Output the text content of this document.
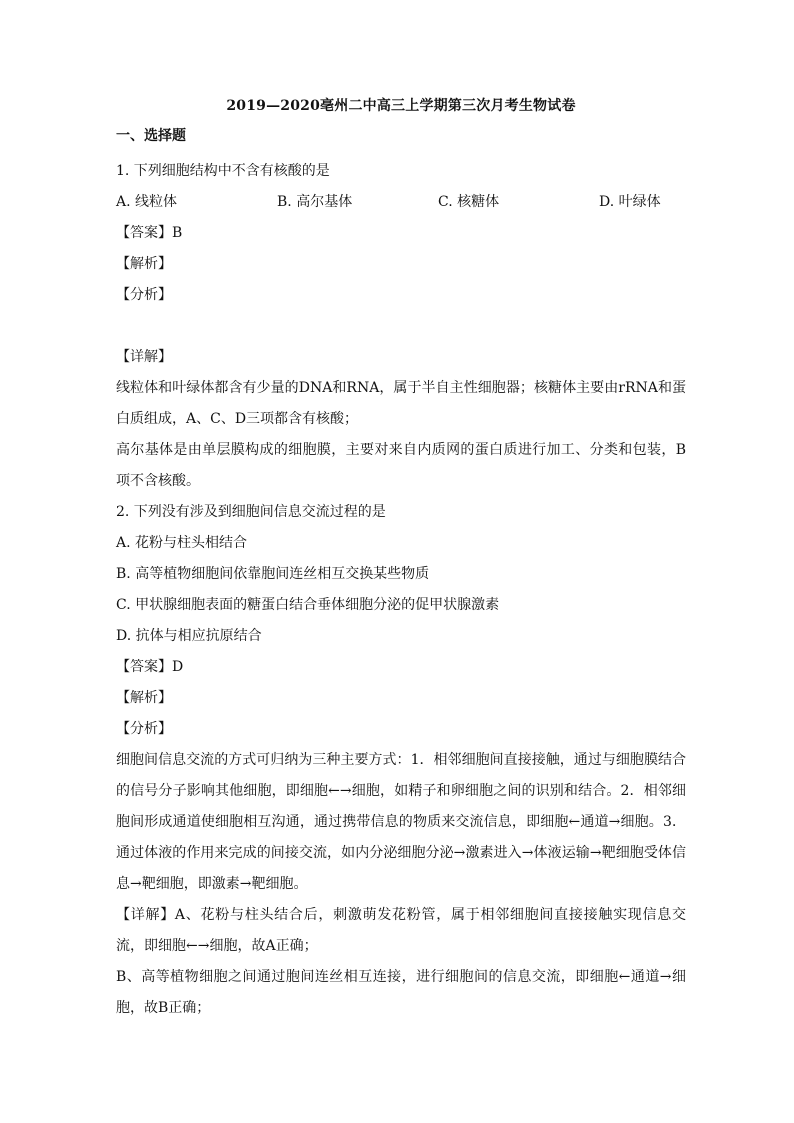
2019—2020亳州二中高三上学期第三次月考生物试卷

一、选择题

1. 下列细胞结构中不含有核酸的是

A. 线粒体	B. 高尔基体	C. 核糖体	D. 叶绿体

【答案】B

【解析】

【分析】

【详解】

线粒体和叶绿体都含有少量的DNA和RNA，属于半自主性细胞器；核糖体主要由rRNA和蛋白质组成，A、C、D三项都含有核酸；

高尔基体是由单层膜构成的细胞膜，主要对来自内质网的蛋白质进行加工、分类和包装，B项不含核酸。

2. 下列没有涉及到细胞间信息交流过程的是

A. 花粉与柱头相结合

B. 高等植物细胞间依靠胞间连丝相互交换某些物质

C. 甲状腺细胞表面的糖蛋白结合垂体细胞分泌的促甲状腺激素

D. 抗体与相应抗原结合

【答案】D

【解析】

【分析】

细胞间信息交流的方式可归纳为三种主要方式：1．相邻细胞间直接接触，通过与细胞膜结合的信号分子影响其他细胞，即细胞←→细胞，如精子和卵细胞之间的识别和结合。2．相邻细胞间形成通道使细胞相互沟通，通过携带信息的物质来交流信息，即细胞←通道→细胞。3．通过体液的作用来完成的间接交流，如内分泌细胞分泌→激素进入→体液运输→靶细胞受体信息→靶细胞，即激素→靶细胞。

【详解】A、花粉与柱头结合后，刺激萌发花粉管，属于相邻细胞间直接接触实现信息交流，即细胞←→细胞，故A正确；

B、高等植物细胞之间通过胞间连丝相互连接，进行细胞间的信息交流，即细胞←通道→细胞，故B正确；
